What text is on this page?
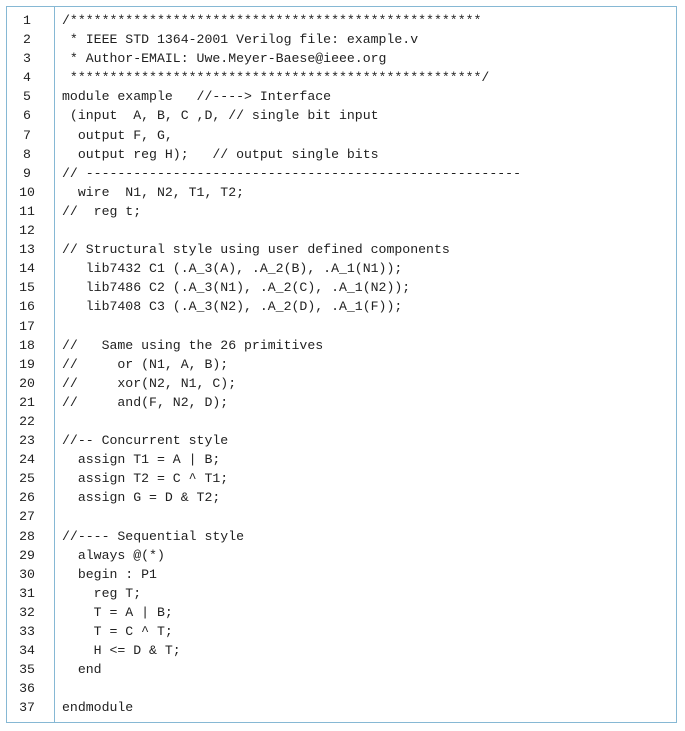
1	/****************************************************
2	* IEEE STD 1364-2001 Verilog file: example.v
3	* Author-EMAIL: Uwe.Meyer-Baese@ieee.org
4	****************************************************/
5	module example   //----> Interface
6	(input  A, B, C ,D, // single bit input
7	output F, G,
8	output reg H);   // output single bits
9	// -------------------------------------------------------
10	wire  N1, N2, T1, T2;
11	//  reg t;
12
13	// Structural style using user defined components
14	lib7432 C1 (.A_3(A), .A_2(B), .A_1(N1));
15	lib7486 C2 (.A_3(N1), .A_2(C), .A_1(N2));
16	lib7408 C3 (.A_3(N2), .A_2(D), .A_1(F));
17
18	//   Same using the 26 primitives
19	//     or (N1, A, B);
20	//     xor(N2, N1, C);
21	//     and(F, N2, D);
22
23	//-- Concurrent style
24	assign T1 = A | B;
25	assign T2 = C ^ T1;
26	assign G = D & T2;
27
28	//---- Sequential style
29	always @(*)
30	begin : P1
31	reg T;
32	T = A | B;
33	T = C ^ T;
34	H <= D & T;
35	end
36
37	endmodule
